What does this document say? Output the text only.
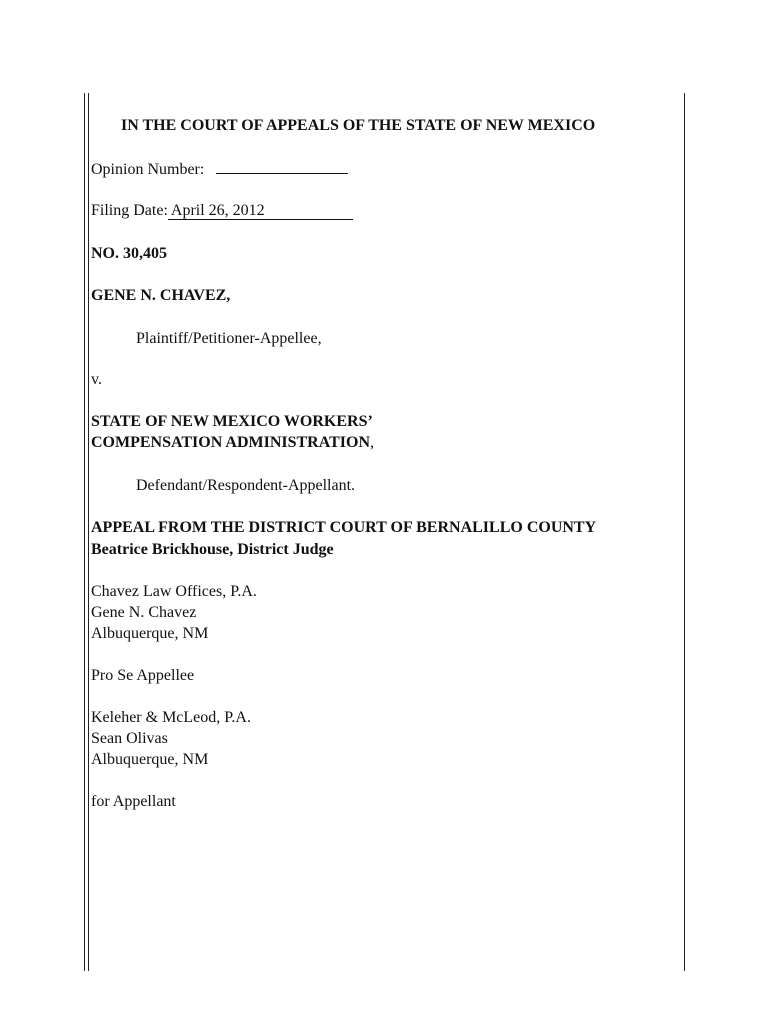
IN THE COURT OF APPEALS OF THE STATE OF NEW MEXICO
Opinion Number:
Filing Date: April 26, 2012
NO. 30,405
GENE N. CHAVEZ,
Plaintiff/Petitioner-Appellee,
v.
STATE OF NEW MEXICO WORKERS’
COMPENSATION ADMINISTRATION,
Defendant/Respondent-Appellant.
APPEAL FROM THE DISTRICT COURT OF BERNALILLO COUNTY
Beatrice Brickhouse, District Judge
Chavez Law Offices, P.A.
Gene N. Chavez
Albuquerque, NM
Pro Se Appellee
Keleher & McLeod, P.A.
Sean Olivas
Albuquerque, NM
for Appellant
